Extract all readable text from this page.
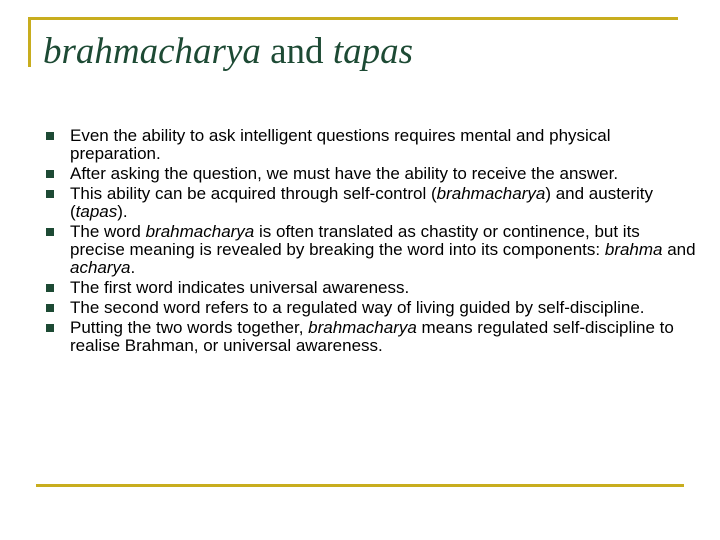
brahmacharya and tapas
Even the ability to ask intelligent questions requires mental and physical preparation.
After asking the question, we must have the ability to receive the answer.
This ability can be acquired through self-control (brahmacharya) and austerity (tapas).
The word brahmacharya is often translated as chastity or continence, but its precise meaning is revealed by breaking the word into its components: brahma and acharya.
The first word indicates universal awareness.
The second word refers to a regulated way of living guided by self-discipline.
Putting the two words together, brahmacharya means regulated self-discipline to realise Brahman, or universal awareness.
